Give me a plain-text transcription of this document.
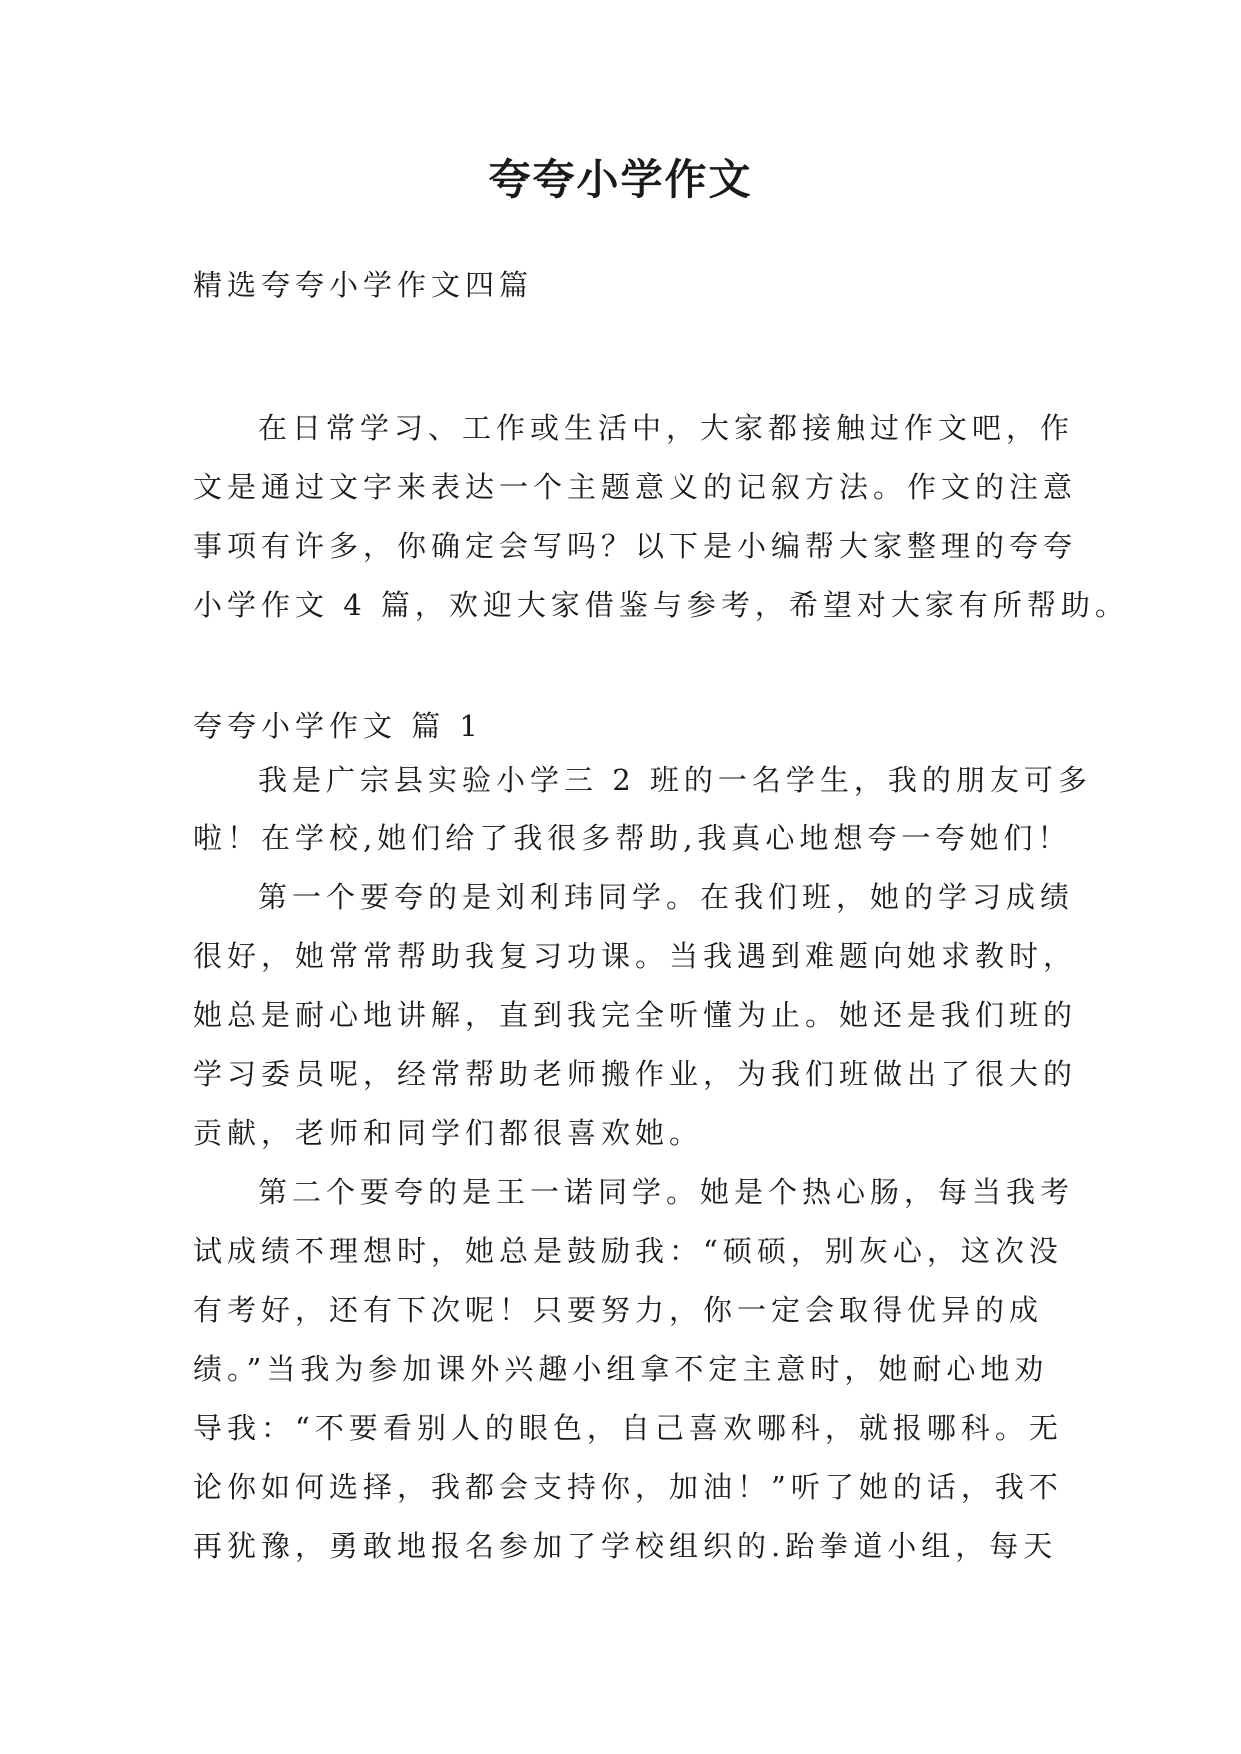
夸夸小学作文
精选夸夸小学作文四篇
在日常学习、工作或生活中，大家都接触过作文吧，作
文是通过文字来表达一个主题意义的记叙方法。作文的注意
事项有许多，你确定会写吗？以下是小编帮大家整理的夸夸
小学作文 4 篇，欢迎大家借鉴与参考，希望对大家有所帮助。
夸夸小学作文 篇 1
我是广宗县实验小学三 2 班的一名学生，我的朋友可多
啦！在学校,她们给了我很多帮助,我真心地想夸一夸她们！
第一个要夸的是刘利玮同学。在我们班，她的学习成绩
很好，她常常帮助我复习功课。当我遇到难题向她求教时，
她总是耐心地讲解，直到我完全听懂为止。她还是我们班的
学习委员呢，经常帮助老师搬作业，为我们班做出了很大的
贡献，老师和同学们都很喜欢她。
第二个要夸的是王一诺同学。她是个热心肠，每当我考
试成绩不理想时，她总是鼓励我：“硕硕，别灰心，这次没
有考好，还有下次呢！只要努力，你一定会取得优异的成
绩。”当我为参加课外兴趣小组拿不定主意时，她耐心地劝
导我：“不要看别人的眼色，自己喜欢哪科，就报哪科。无
论你如何选择，我都会支持你，加油！”听了她的话，我不
再犹豫，勇敢地报名参加了学校组织的.跆拳道小组，每天
